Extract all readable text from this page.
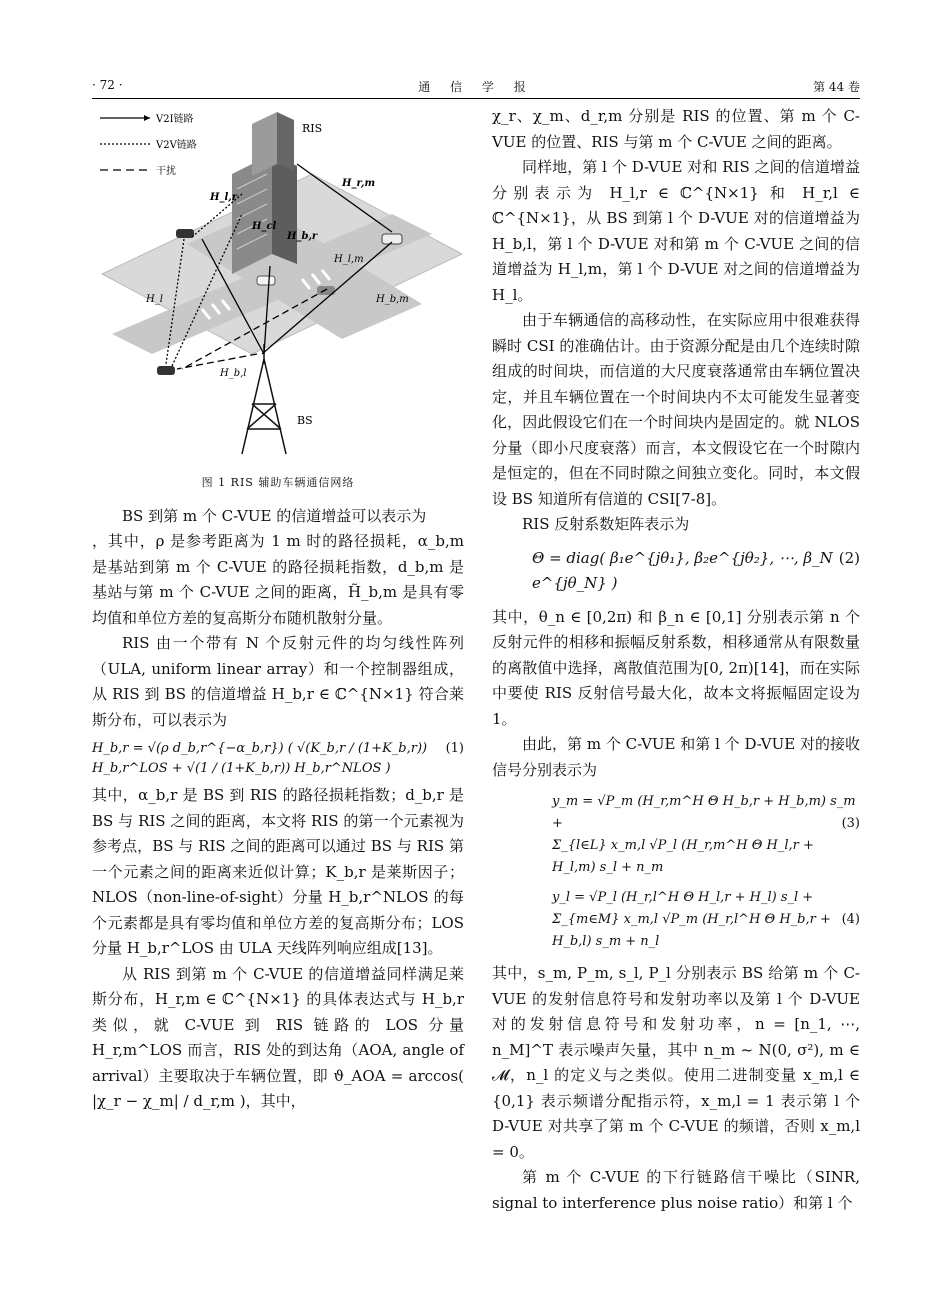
· 72 ·	通 信 学 报	第 44 卷
V2I链路
V2V链路
干扰
RIS
BS
H_l,r
H_r,m
H_cl
H_b,r
H_l,m
H_l	H_b,m
H_b,l
图 1 RIS 辅助车辆通信网络

BS 到第 m 个 C-VUE 的信道增益可以表示为

，其中，ρ 是参考距离为 1 m 时的路径损耗，α_b,m 是基站到第 m 个 C-VUE 的路径损耗指数，d_b,m 是基站与第 m 个 C-VUE 之间的距离，H̃_b,m 是具有零均值和单位方差的复高斯分布随机散射分量。

RIS 由一个带有 N 个反射元件的均匀线性阵列（ULA, uniform linear array）和一个控制器组成，从 RIS 到 BS 的信道增益 H_b,r ∈ ℂ^{N×1} 符合莱斯分布，可以表示为

H_b,r = √(ρ d_b,r^{−α_b,r}) ( √(K_b,r / (1+K_b,r)) H_b,r^LOS + √(1 / (1+K_b,r)) H_b,r^NLOS )
(1)

其中，α_b,r 是 BS 到 RIS 的路径损耗指数；d_b,r 是 BS 与 RIS 之间的距离，本文将 RIS 的第一个元素视为参考点，BS 与 RIS 之间的距离可以通过 BS 与 RIS 第一个元素之间的距离来近似计算；K_b,r 是莱斯因子；NLOS（non-line-of-sight）分量 H_b,r^NLOS 的每个元素都是具有零均值和单位方差的复高斯分布；LOS 分量 H_b,r^LOS 由 ULA 天线阵列响应组成[13]。

从 RIS 到第 m 个 C-VUE 的信道增益同样满足莱斯分布，H_r,m ∈ ℂ^{N×1} 的具体表达式与 H_b,r 类似，就 C-VUE 到 RIS 链路的 LOS 分量 H_r,m^LOS 而言，RIS 处的到达角（AOA, angle of arrival）主要取决于车辆位置，即 ϑ_AOA = arccos( |χ_r − χ_m| / d_r,m )，其中，

χ_r、χ_m、d_r,m 分别是 RIS 的位置、第 m 个 C-VUE 的位置、RIS 与第 m 个 C-VUE 之间的距离。

同样地，第 l 个 D-VUE 对和 RIS 之间的信道增益分别表示为 H_l,r ∈ ℂ^{N×1} 和 H_r,l ∈ ℂ^{N×1}，从 BS 到第 l 个 D-VUE 对的信道增益为 H_b,l，第 l 个 D-VUE 对和第 m 个 C-VUE 之间的信道增益为 H_l,m，第 l 个 D-VUE 对之间的信道增益为 H_l。

由于车辆通信的高移动性，在实际应用中很难获得瞬时 CSI 的准确估计。由于资源分配是由几个连续时隙组成的时间块，而信道的大尺度衰落通常由车辆位置决定，并且车辆位置在一个时间块内不太可能发生显著变化，因此假设它们在一个时间块内是固定的。就 NLOS 分量（即小尺度衰落）而言，本文假设它在一个时隙内是恒定的，但在不同时隙之间独立变化。同时，本文假设 BS 知道所有信道的 CSI[7-8]。

RIS 反射系数矩阵表示为

Θ = diag( β₁e^{jθ₁}, β₂e^{jθ₂}, ⋯, β_N e^{jθ_N} )
(2)

其中，θ_n ∈ [0,2π) 和 β_n ∈ [0,1] 分别表示第 n 个反射元件的相移和振幅反射系数，相移通常从有限数量的离散值中选择，离散值范围为[0, 2π)[14]，而在实际中要使 RIS 反射信号最大化，故本文将振幅固定设为 1。

由此，第 m 个 C-VUE 和第 l 个 D-VUE 对的接收信号分别表示为

y_m = √P_m (H_r,m^H Θ H_b,r + H_b,m) s_m +
Σ_{l∈L} x_m,l √P_l (H_r,m^H Θ H_l,r + H_l,m) s_l + n_m
(3)
y_l = √P_l (H_r,l^H Θ H_l,r + H_l) s_l +
Σ_{m∈M} x_m,l √P_m (H_r,l^H Θ H_b,r + H_b,l) s_m + n_l
(4)

其中，s_m, P_m, s_l, P_l 分别表示 BS 给第 m 个 C-VUE 的发射信息符号和发射功率以及第 l 个 D-VUE 对的发射信息符号和发射功率，n = [n_1, ⋯, n_M]^T 表示噪声矢量，其中 n_m ~ N(0, σ²), m ∈ 𝓜，n_l 的定义与之类似。使用二进制变量 x_m,l ∈ {0,1} 表示频谱分配指示符，x_m,l = 1 表示第 l 个 D-VUE 对共享了第 m 个 C-VUE 的频谱，否则 x_m,l = 0。

第 m 个 C-VUE 的下行链路信干噪比（SINR, signal to interference plus noise ratio）和第 l 个
